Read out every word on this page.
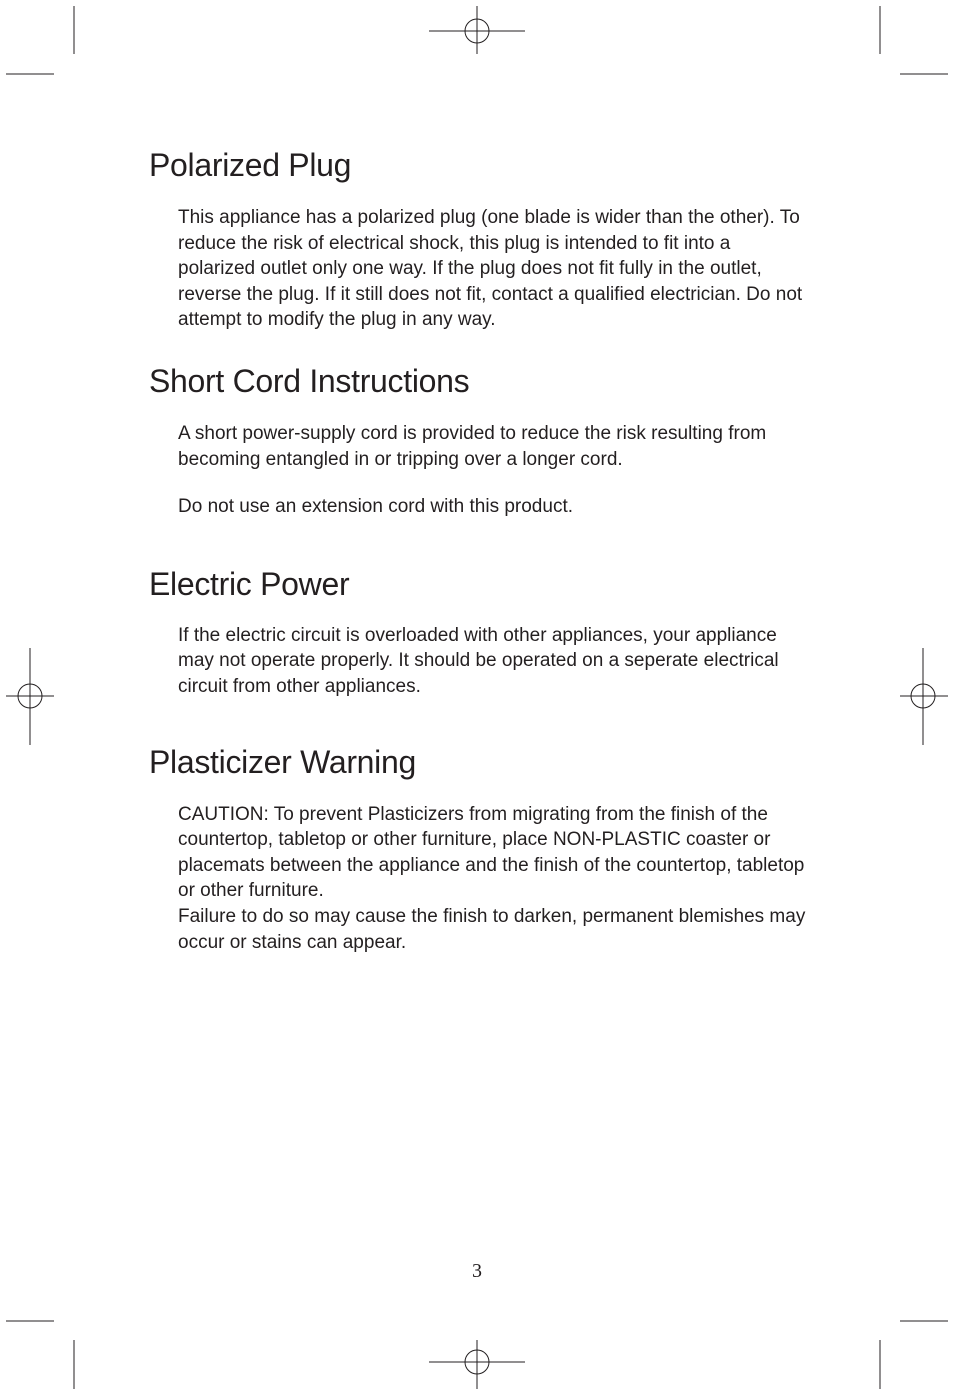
Polarized Plug

This appliance has a polarized plug (one blade is wider than the other). To reduce the risk of electrical shock, this plug is intended to fit into a polarized outlet only one way. If the plug does not fit fully in the outlet, reverse the plug. If it still does not fit, contact a qualified electrician. Do not attempt to modify the plug in any way.

Short Cord Instructions

A short power-supply cord is provided to reduce the risk resulting from becoming entangled in or tripping over a longer cord.

Do not use an extension cord with this product.

Electric Power

If the electric circuit is overloaded with other appliances, your appliance may not operate properly. It should be operated on a seperate electrical circuit from other appliances.

Plasticizer Warning

CAUTION: To prevent Plasticizers from migrating from the finish of the countertop, tabletop or other furniture, place NON-PLASTIC coaster or placemats between the appliance and the finish of the countertop, tabletop or other furniture.

Failure to do so may cause the finish to darken, permanent blemishes may occur or stains can appear.

3
